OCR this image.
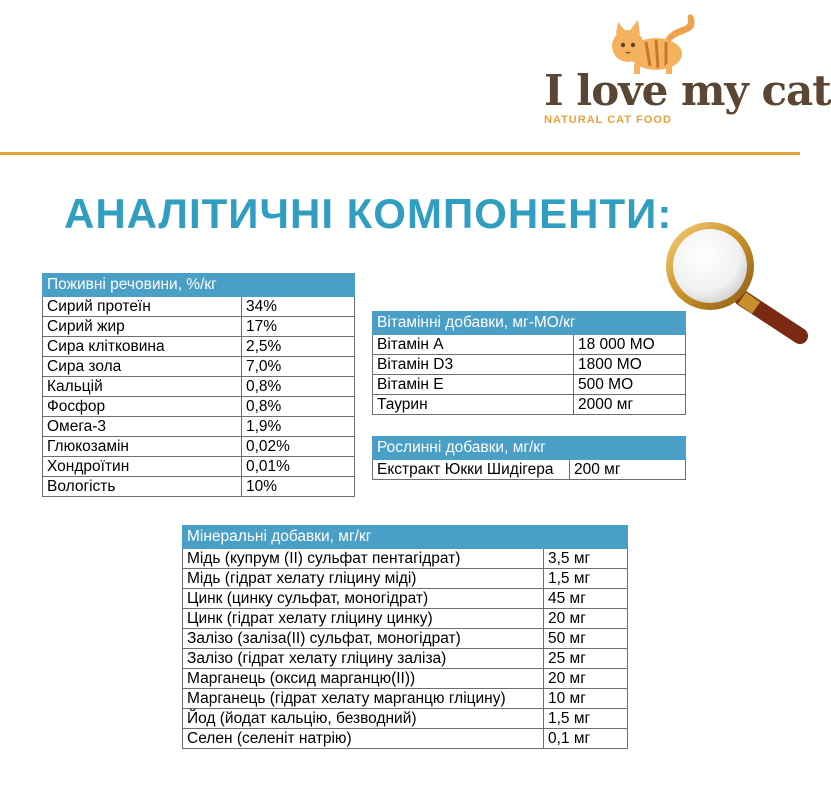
I love my cat
NATURAL CAT FOOD
АНАЛІТИЧНІ КОМПОНЕНТИ:
Поживні речовини, %/кг	
Сирий протеїн	34%
Сирий жир	17%
Сира клітковина	2,5%
Сира зола	7,0%
Кальцій	0,8%
Фосфор	0,8%
Омега-3	1,9%
Глюкозамін	0,02%
Хондроїтин	0,01%
Вологість	10%
Вітамінні добавки, мг-МО/кг	
Вітамін А	18 000 МО
Вітамін D3	1800 МО
Вітамін Е	500 МО
Таурин	2000 мг
Рослинні добавки, мг/кг
Екстракт Юкки Шидігера	200 мг
Мінеральні добавки, мг/кг	
Мідь (купрум (ІІ) сульфат пентагідрат)	3,5 мг
Мідь (гідрат хелату гліцину міді)	1,5 мг
Цинк (цинку сульфат, моногідрат)	45 мг
Цинк (гідрат хелату гліцину цинку)	20 мг
Залізо (заліза(ІІ) сульфат, моногідрат)	50 мг
Залізо (гідрат хелату гліцину заліза)	25 мг
Марганець (оксид марганцю(ІІ))	20 мг
Марганець (гідрат хелату марганцю гліцину)	10 мг
Йод (йодат кальцію, безводний)	1,5 мг
Селен (селеніт натрію)	0,1 мг
